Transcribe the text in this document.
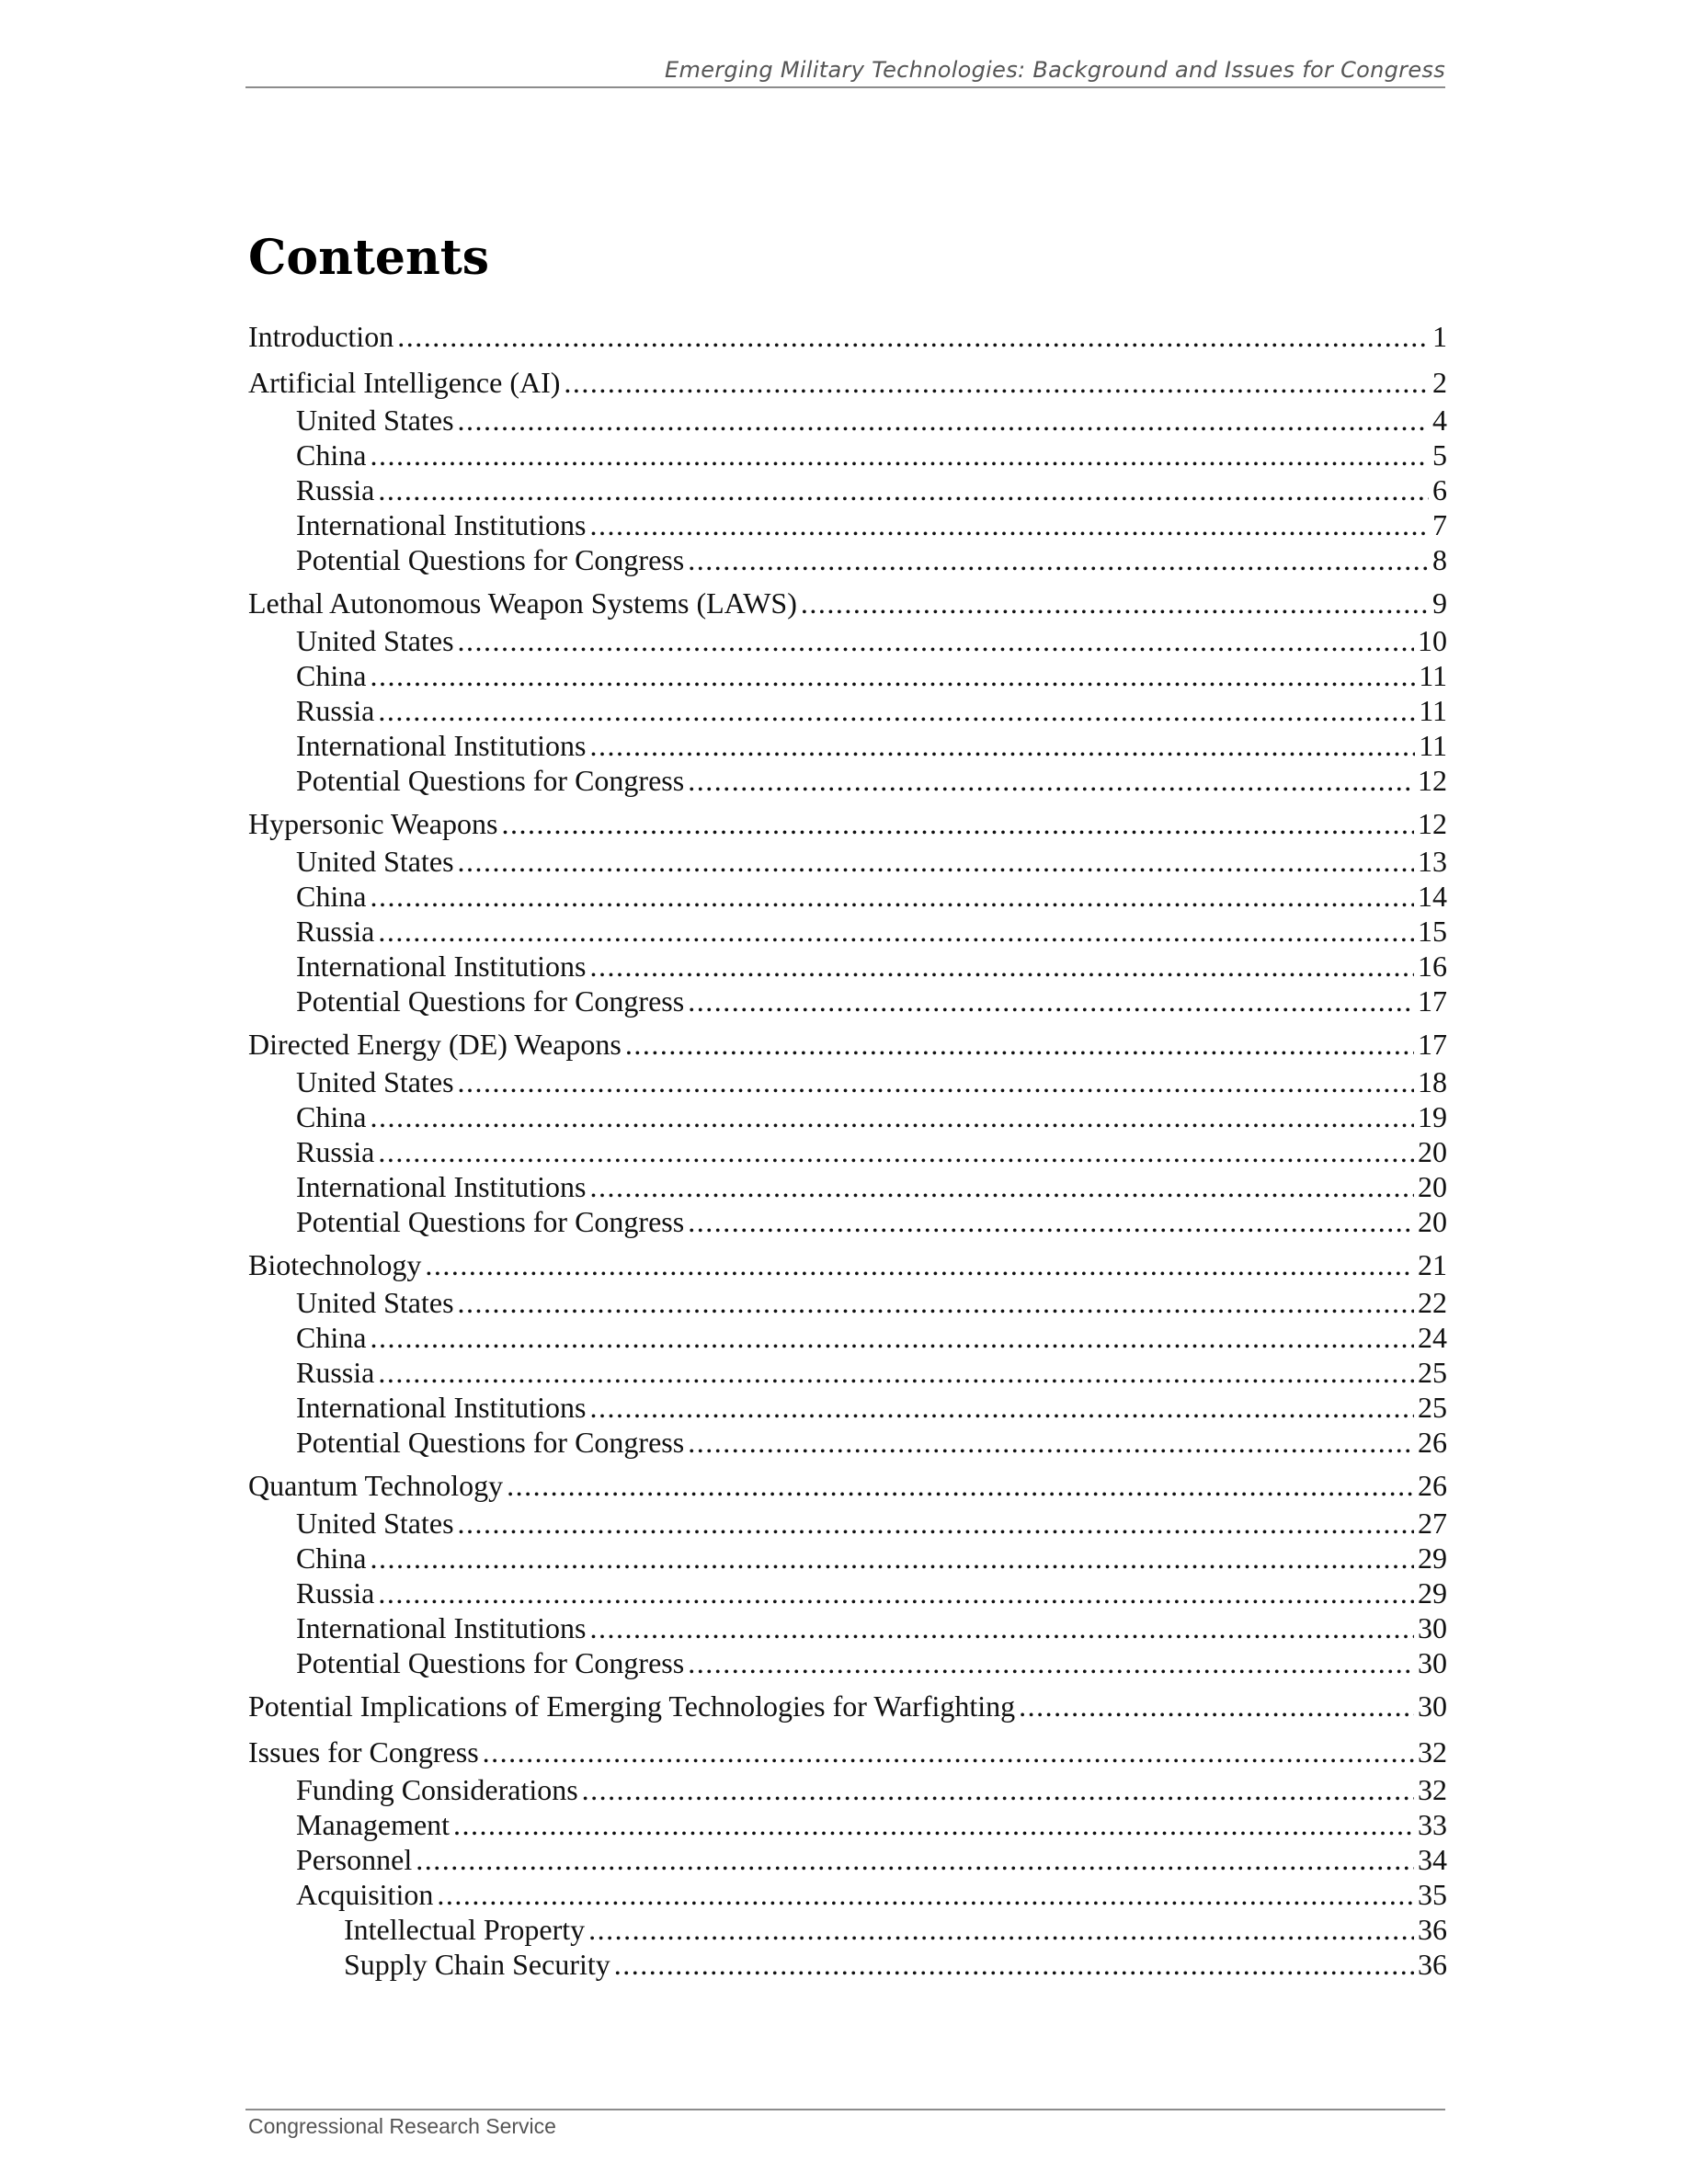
Emerging Military Technologies: Background and Issues for Congress
Contents
Introduction .....	1
Artificial Intelligence (AI) .....	2
United States .....	4
China .....	5
Russia .....	6
International Institutions .....	7
Potential Questions for Congress .....	8
Lethal Autonomous Weapon Systems (LAWS) .....	9
United States .....	10
China .....	11
Russia .....	11
International Institutions .....	11
Potential Questions for Congress .....	12
Hypersonic Weapons .....	12
United States .....	13
China .....	14
Russia .....	15
International Institutions .....	16
Potential Questions for Congress .....	17
Directed Energy (DE) Weapons .....	17
United States .....	18
China .....	19
Russia .....	20
International Institutions .....	20
Potential Questions for Congress .....	20
Biotechnology .....	21
United States .....	22
China .....	24
Russia .....	25
International Institutions .....	25
Potential Questions for Congress .....	26
Quantum Technology .....	26
United States .....	27
China .....	29
Russia .....	29
International Institutions .....	30
Potential Questions for Congress .....	30
Potential Implications of Emerging Technologies for Warfighting .....	30
Issues for Congress .....	32
Funding Considerations .....	32
Management .....	33
Personnel .....	34
Acquisition .....	35
Intellectual Property .....	36
Supply Chain Security .....	36
Congressional Research Service
